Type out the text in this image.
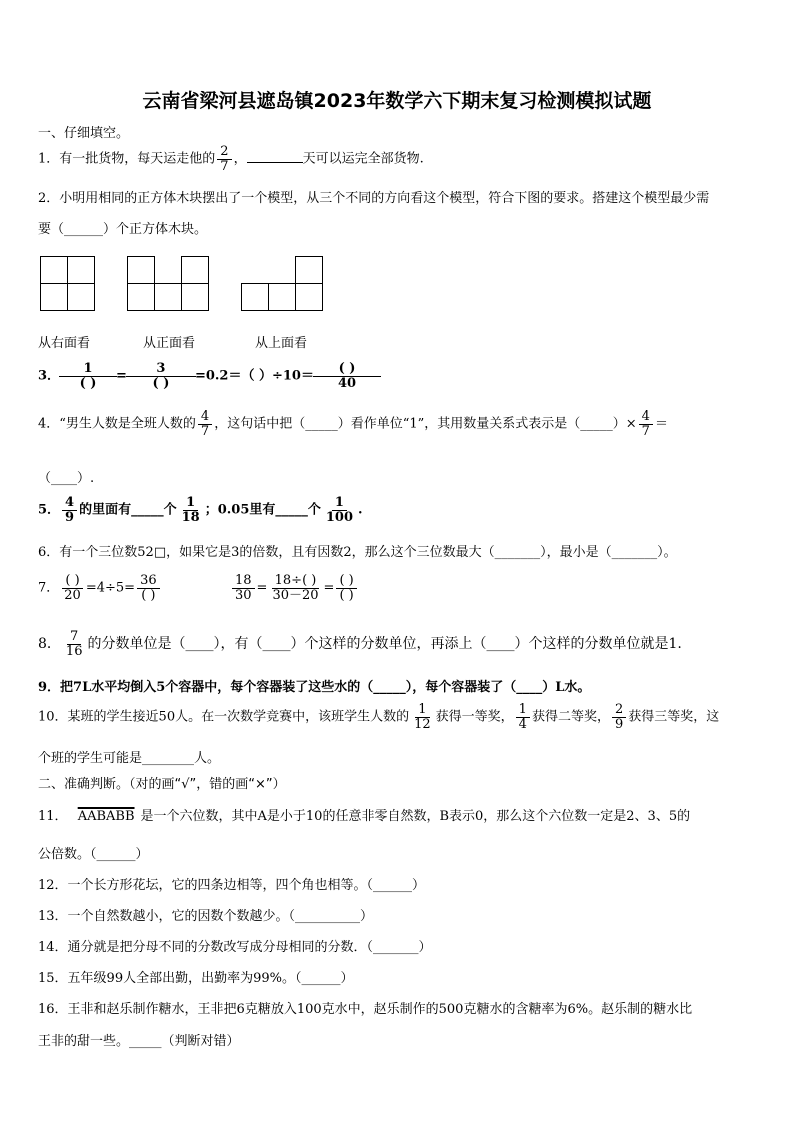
云南省梁河县遮岛镇2023年数学六下期末复习检测模拟试题
一、仔细填空。
1．有一批货物，每天运走他的 $\frac{2}{7}$ ，	天可以运完全部货物.
2．小明用相同的正方体木块摆出了一个模型，从三个不同的方向看这个模型，符合下图的要求。搭建这个模型最少需
要（______）个正方体木块。
从右面看	从正面看	从上面看
3． $\frac{1}{( )} = \frac{3}{( )} =0.2=$（ ）$\div 10= \frac{( )}{40}$
4．“男生人数是全班人数的 $\frac{4}{7}$ ，这句话中把（_____）看作单位“1”，其用数量关系式表示是（_____）× $\frac{4}{7}$ ＝
（____）.
5． $\frac{4}{9}$ 的里面有_____个 $\frac{1}{18}$ ；0.05里有_____个 $\frac{1}{100}$ .
6．有一个三位数52□，如果它是3的倍数，且有因数2，那么这个三位数最大（_______），最小是（_______）。
7． $\frac{( )}{20} =4\div 5= \frac{36}{( )}$	$\frac{18}{30} = \frac{18\div( )}{30-20} = \frac{( )}{( )}$
8． $\frac{7}{16}$ 的分数单位是（____），有（____）个这样的分数单位，再添上（____）个这样的分数单位就是1.
9．把7L水平均倒入5个容器中，每个容器装了这些水的（_____），每个容器装了（____）L水。
10．某班的学生接近50人。在一次数学竞赛中，该班学生人数的 $\frac{1}{12}$ 获得一等奖， $\frac{1}{4}$ 获得二等奖， $\frac{2}{9}$ 获得三等奖，这
个班的学生可能是________人。
二、准确判断。（对的画“√”，错的画“×”）
11． AABABB 是一个六位数，其中A是小于10的任意非零自然数，B表示0，那么这个六位数一定是2、3、5的
公倍数。（______）
12．一个长方形花坛，它的四条边相等，四个角也相等。（______）
13．一个自然数越小，它的因数个数越少。（__________）
14．通分就是把分母不同的分数改写成分母相同的分数．（_______）
15．五年级99人全部出勤，出勤率为99%。（______）
16．王非和赵乐制作糖水，王非把6克糖放入100克水中，赵乐制作的500克糖水的含糖率为6%。赵乐制的糖水比
王非的甜一些。_____（判断对错）
